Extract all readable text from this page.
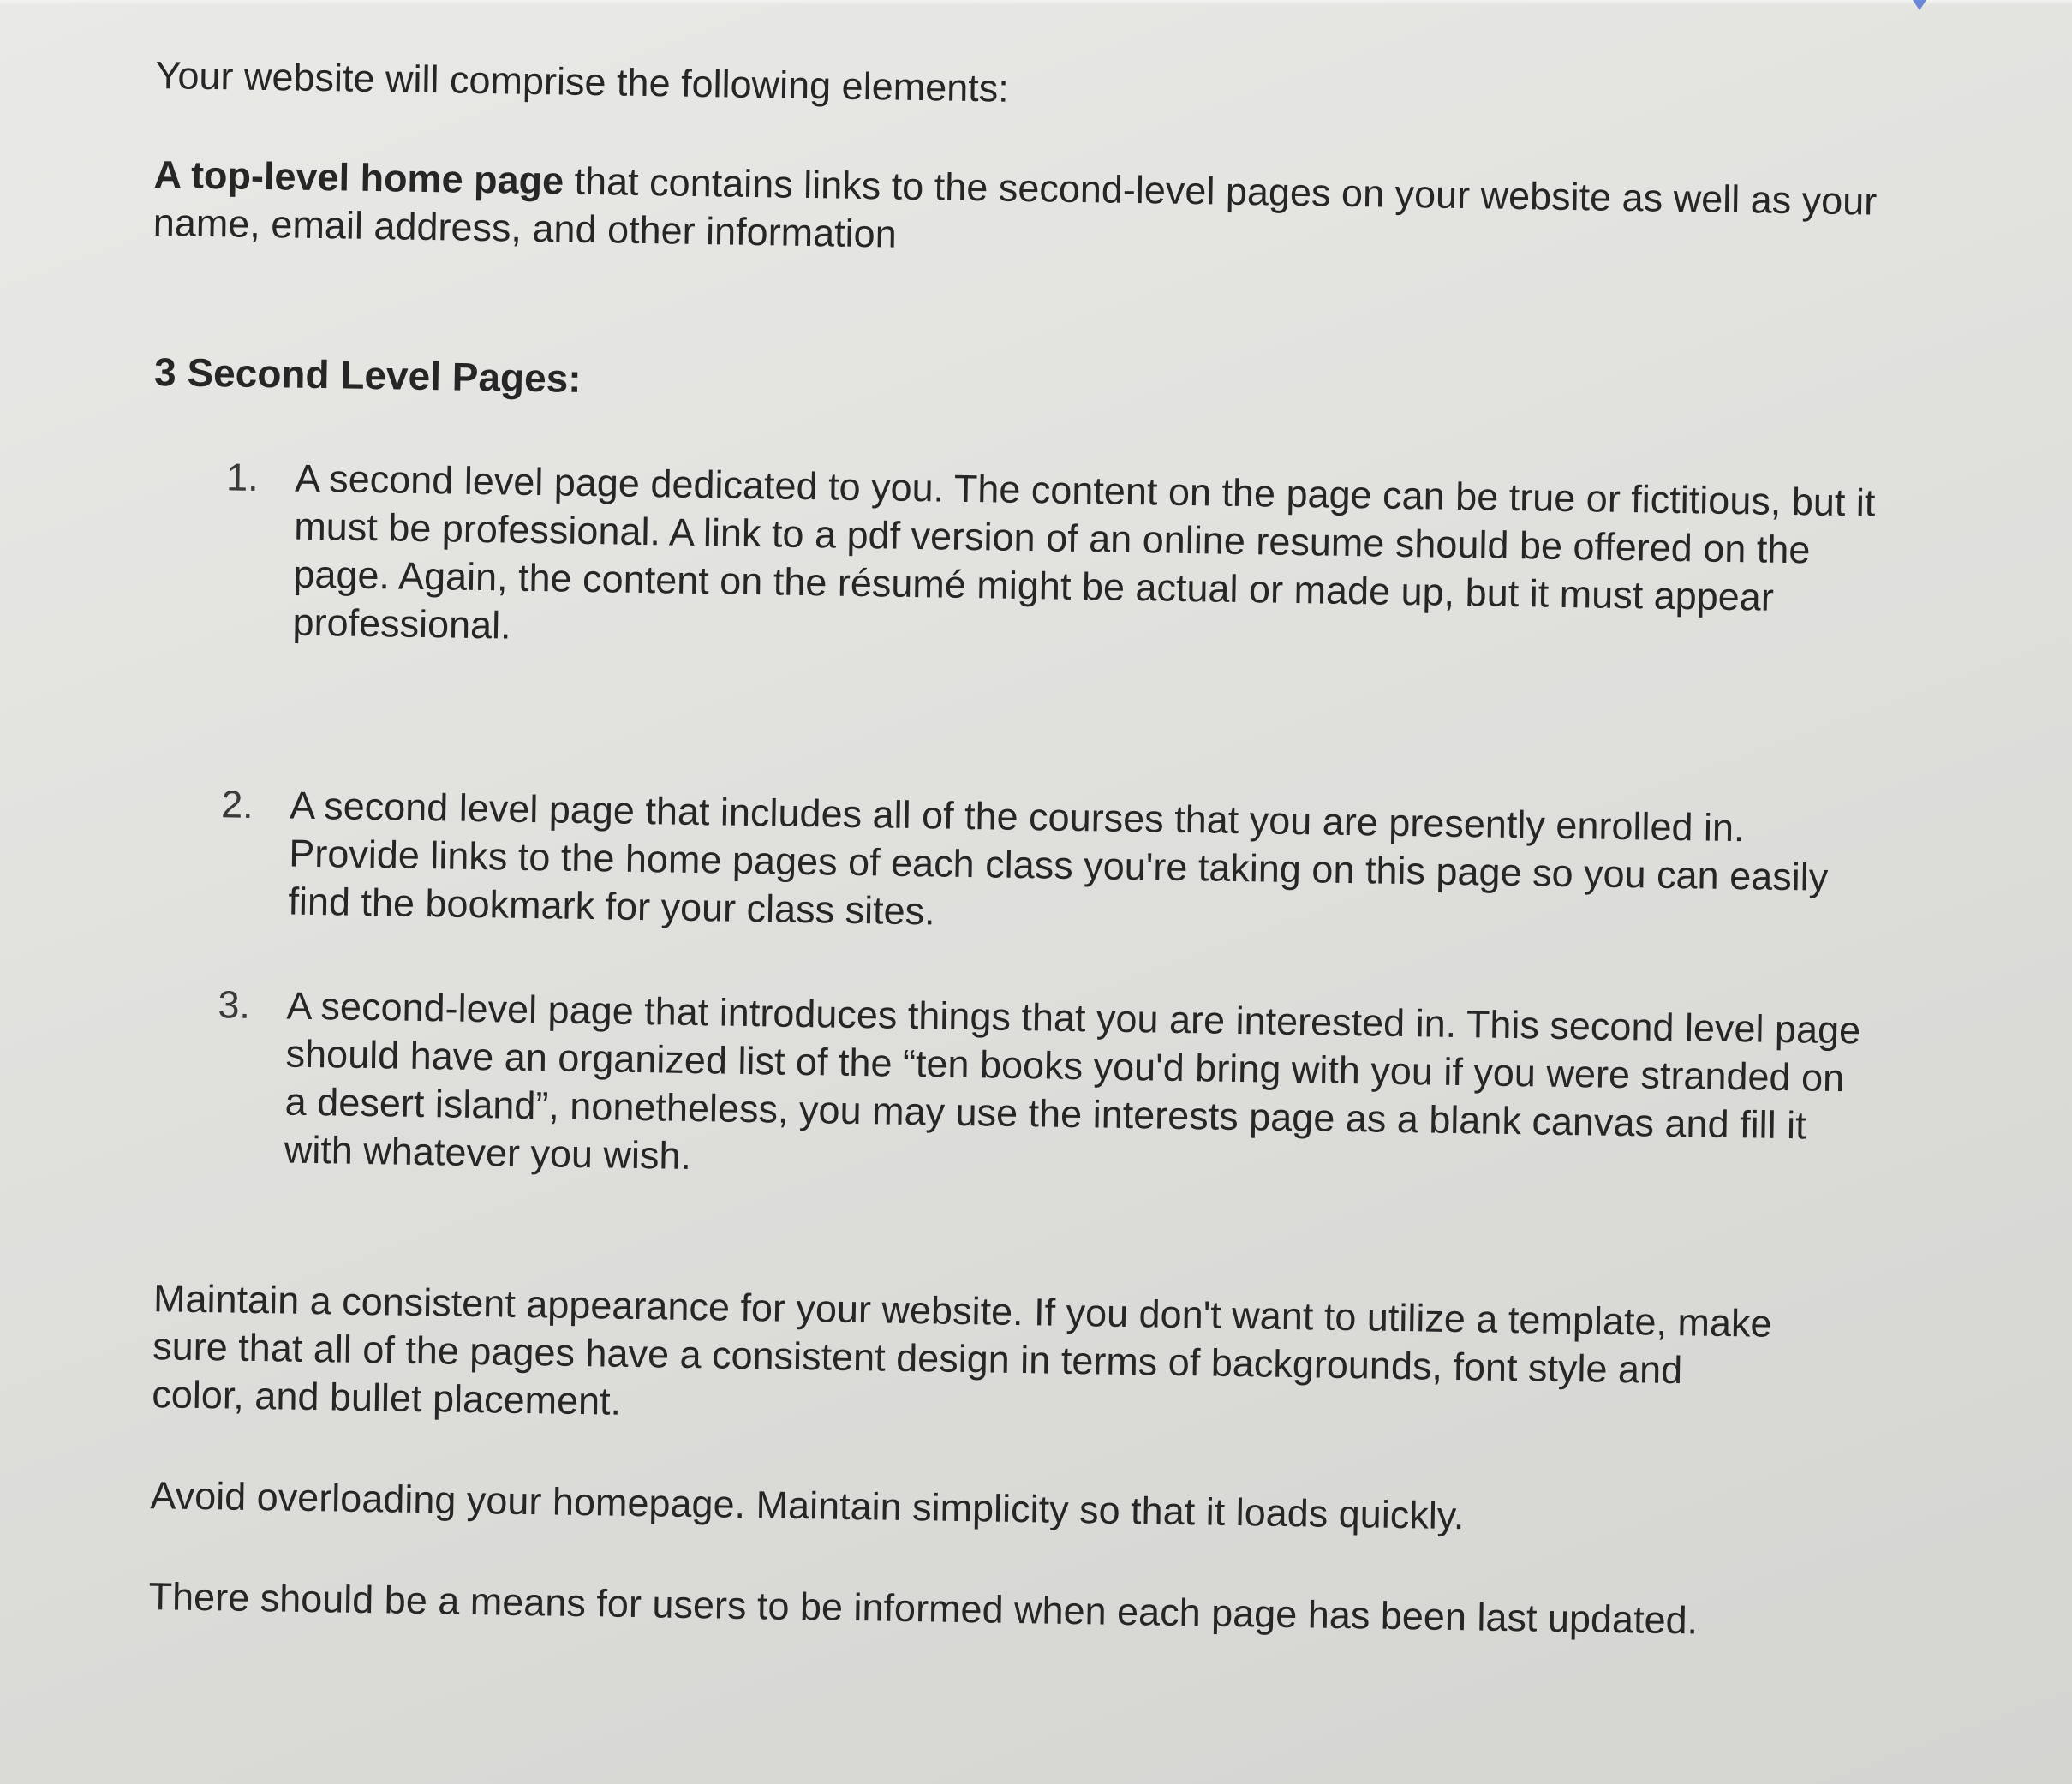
Your website will comprise the following elements:

A top-level home page that contains links to the second-level pages on your website as well as your name, email address, and other information

3 Second Level Pages:

1. A second level page dedicated to you. The content on the page can be true or fictitious, but it must be professional. A link to a pdf version of an online resume should be offered on the page. Again, the content on the résumé might be actual or made up, but it must appear professional.
2. A second level page that includes all of the courses that you are presently enrolled in. Provide links to the home pages of each class you're taking on this page so you can easily find the bookmark for your class sites.
3. A second-level page that introduces things that you are interested in. This second level page should have an organized list of the “ten books you'd bring with you if you were stranded on a desert island”, nonetheless, you may use the interests page as a blank canvas and fill it with whatever you wish.

Maintain a consistent appearance for your website. If you don't want to utilize a template, make sure that all of the pages have a consistent design in terms of backgrounds, font style and color, and bullet placement.

Avoid overloading your homepage. Maintain simplicity so that it loads quickly.

There should be a means for users to be informed when each page has been last updated.
